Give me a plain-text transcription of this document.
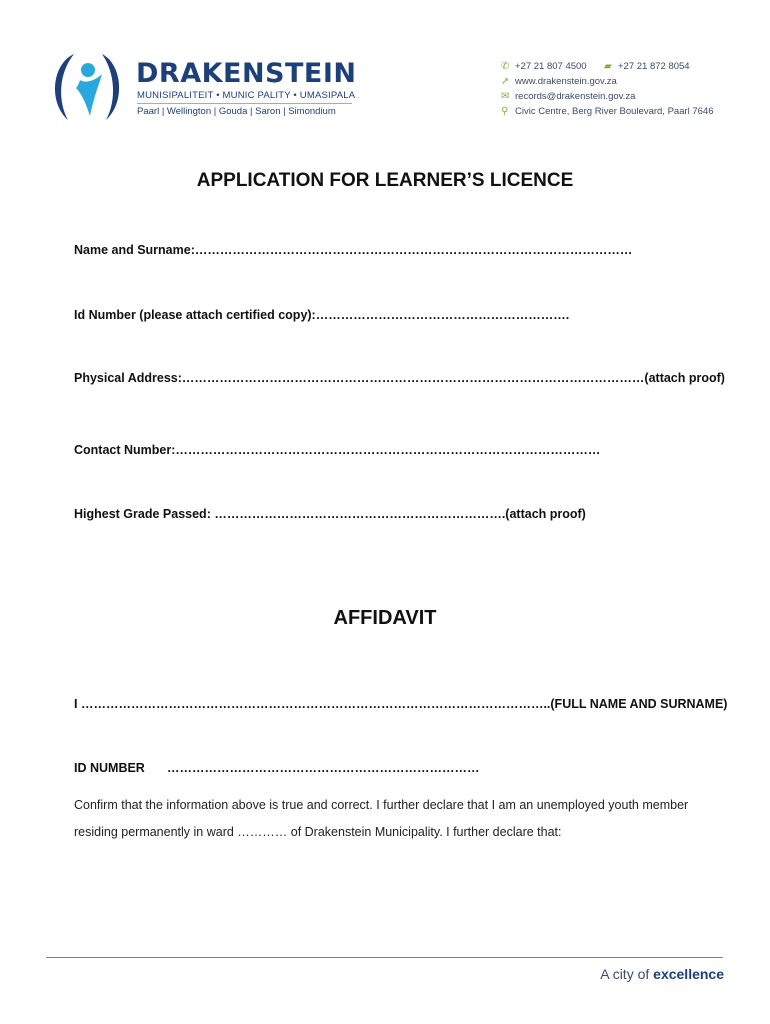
DRAKENSTEIN
MUNISIPALITEIT • MUNIC PALITY • UMASIPALA
Paarl | Wellington | Gouda | Saron | Simondium
✆ +27 21 807 4500 ▰ +27 21 872 8054
➚ www.drakenstein.gov.za
✉ records@drakenstein.gov.za
⚲ Civic Centre, Berg River Boulevard, Paarl 7646
APPLICATION FOR LEARNER’S LICENCE
Name and Surname:……………………………………………………………………………………………
Id Number (please attach certified copy):…………………………………………………….
Physical Address:…………………………………………………………………………………………………(attach proof)
Contact Number:…………………………………………………………………………………………
Highest Grade Passed: …………………………………………………………….(attach proof)
AFFIDAVIT
I …………………………………………………………………………………………………..(FULL NAME AND SURNAME)
ID NUMBER …………………………………………………………………
Confirm that the information above is true and correct. I further declare that I am an unemployed youth member residing permanently in ward ………… of Drakenstein Municipality. I further declare that:
A city of excellence
